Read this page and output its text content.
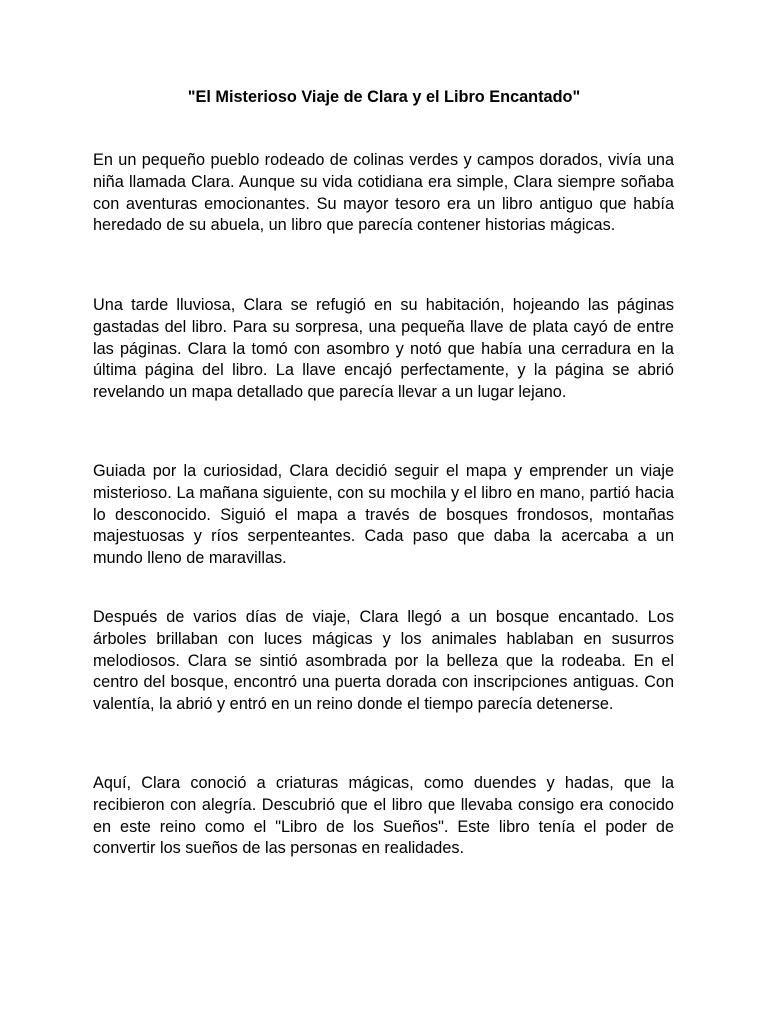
"El Misterioso Viaje de Clara y el Libro Encantado"

En un pequeño pueblo rodeado de colinas verdes y campos dorados, vivía una niña llamada Clara. Aunque su vida cotidiana era simple, Clara siempre soñaba con aventuras emocionantes. Su mayor tesoro era un libro antiguo que había heredado de su abuela, un libro que parecía contener historias mágicas.

Una tarde lluviosa, Clara se refugió en su habitación, hojeando las páginas gastadas del libro. Para su sorpresa, una pequeña llave de plata cayó de entre las páginas. Clara la tomó con asombro y notó que había una cerradura en la última página del libro. La llave encajó perfectamente, y la página se abrió revelando un mapa detallado que parecía llevar a un lugar lejano.

Guiada por la curiosidad, Clara decidió seguir el mapa y emprender un viaje misterioso. La mañana siguiente, con su mochila y el libro en mano, partió hacia lo desconocido. Siguió el mapa a través de bosques frondosos, montañas majestuosas y ríos serpenteantes. Cada paso que daba la acercaba a un mundo lleno de maravillas.

Después de varios días de viaje, Clara llegó a un bosque encantado. Los árboles brillaban con luces mágicas y los animales hablaban en susurros melodiosos. Clara se sintió asombrada por la belleza que la rodeaba. En el centro del bosque, encontró una puerta dorada con inscripciones antiguas. Con valentía, la abrió y entró en un reino donde el tiempo parecía detenerse.

Aquí, Clara conoció a criaturas mágicas, como duendes y hadas, que la recibieron con alegría. Descubrió que el libro que llevaba consigo era conocido en este reino como el "Libro de los Sueños". Este libro tenía el poder de convertir los sueños de las personas en realidades.
